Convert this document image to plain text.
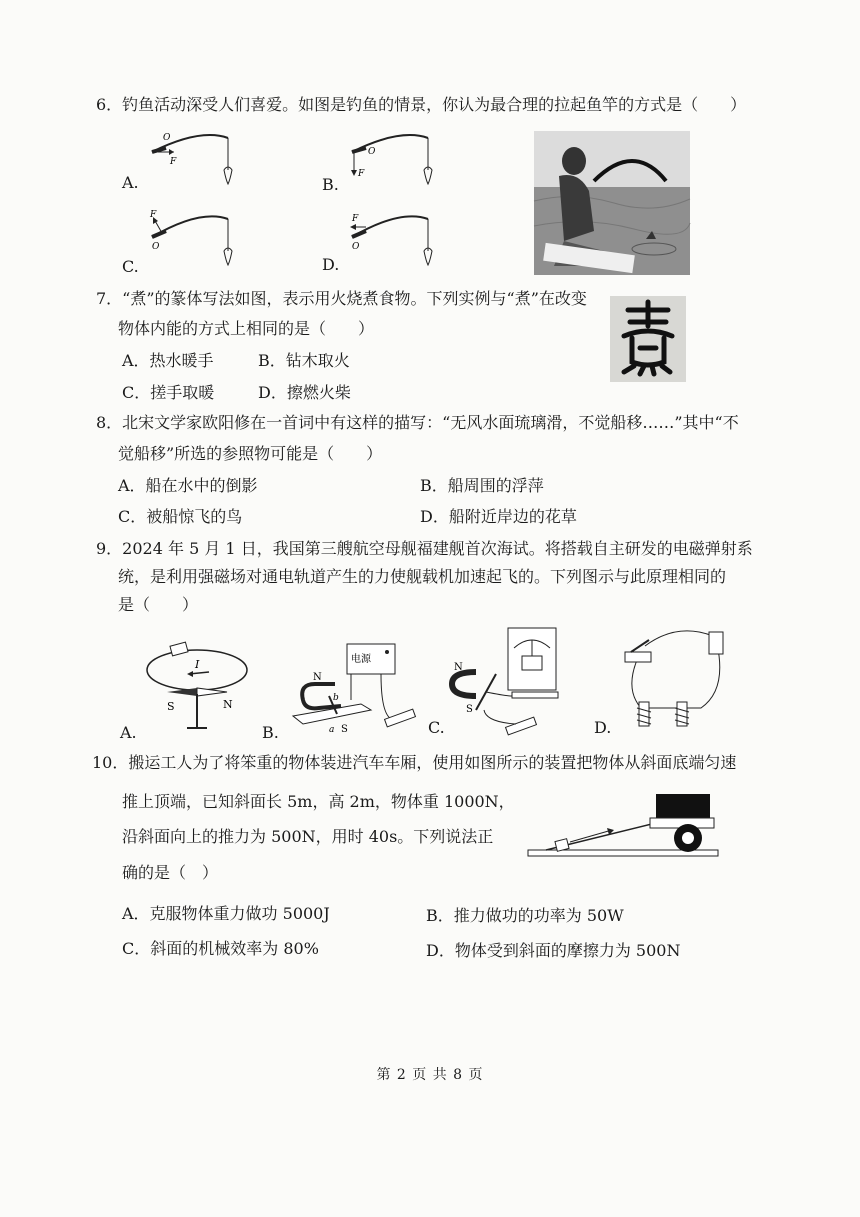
6．钓鱼活动深受人们喜爱。如图是钓鱼的情景，你认为最合理的拉起鱼竿的方式是（　　）
A.	B.
C.	D.
O
F
O
F
F
O
F
O
7．“煮”的篆体写法如图，表示用火烧煮食物。下列实例与“煮”在改变
物体内能的方式上相同的是（　　）
A．热水暖手	B．钻木取火
C．搓手取暖	D．擦燃火柴
8．北宋文学家欧阳修在一首词中有这样的描写：“无风水面琉璃滑，不觉船移……”其中“不
觉船移”所选的参照物可能是（　　）
A．船在水中的倒影	B．船周围的浮萍
C．被船惊飞的鸟	D．船附近岸边的花草
9．2024 年 5 月 1 日，我国第三艘航空母舰福建舰首次海试。将搭载自主研发的电磁弹射系
统，是利用强磁场对通电轨道产生的力使舰载机加速起飞的。下列图示与此原理相同的
是（　　）
A.	B.	C.	D.
I
S	N
电源
N
S
b
a
N
S
10．搬运工人为了将笨重的物体装进汽车车厢，使用如图所示的装置把物体从斜面底端匀速
推上顶端，已知斜面长 5m，高 2m，物体重 1000N，
沿斜面向上的推力为 500N，用时 40s。下列说法正
确的是（　）
A．克服物体重力做功 5000J	B．推力做功的功率为 50W
C．斜面的机械效率为 80%	D．物体受到斜面的摩擦力为 500N
第 2 页 共 8 页
